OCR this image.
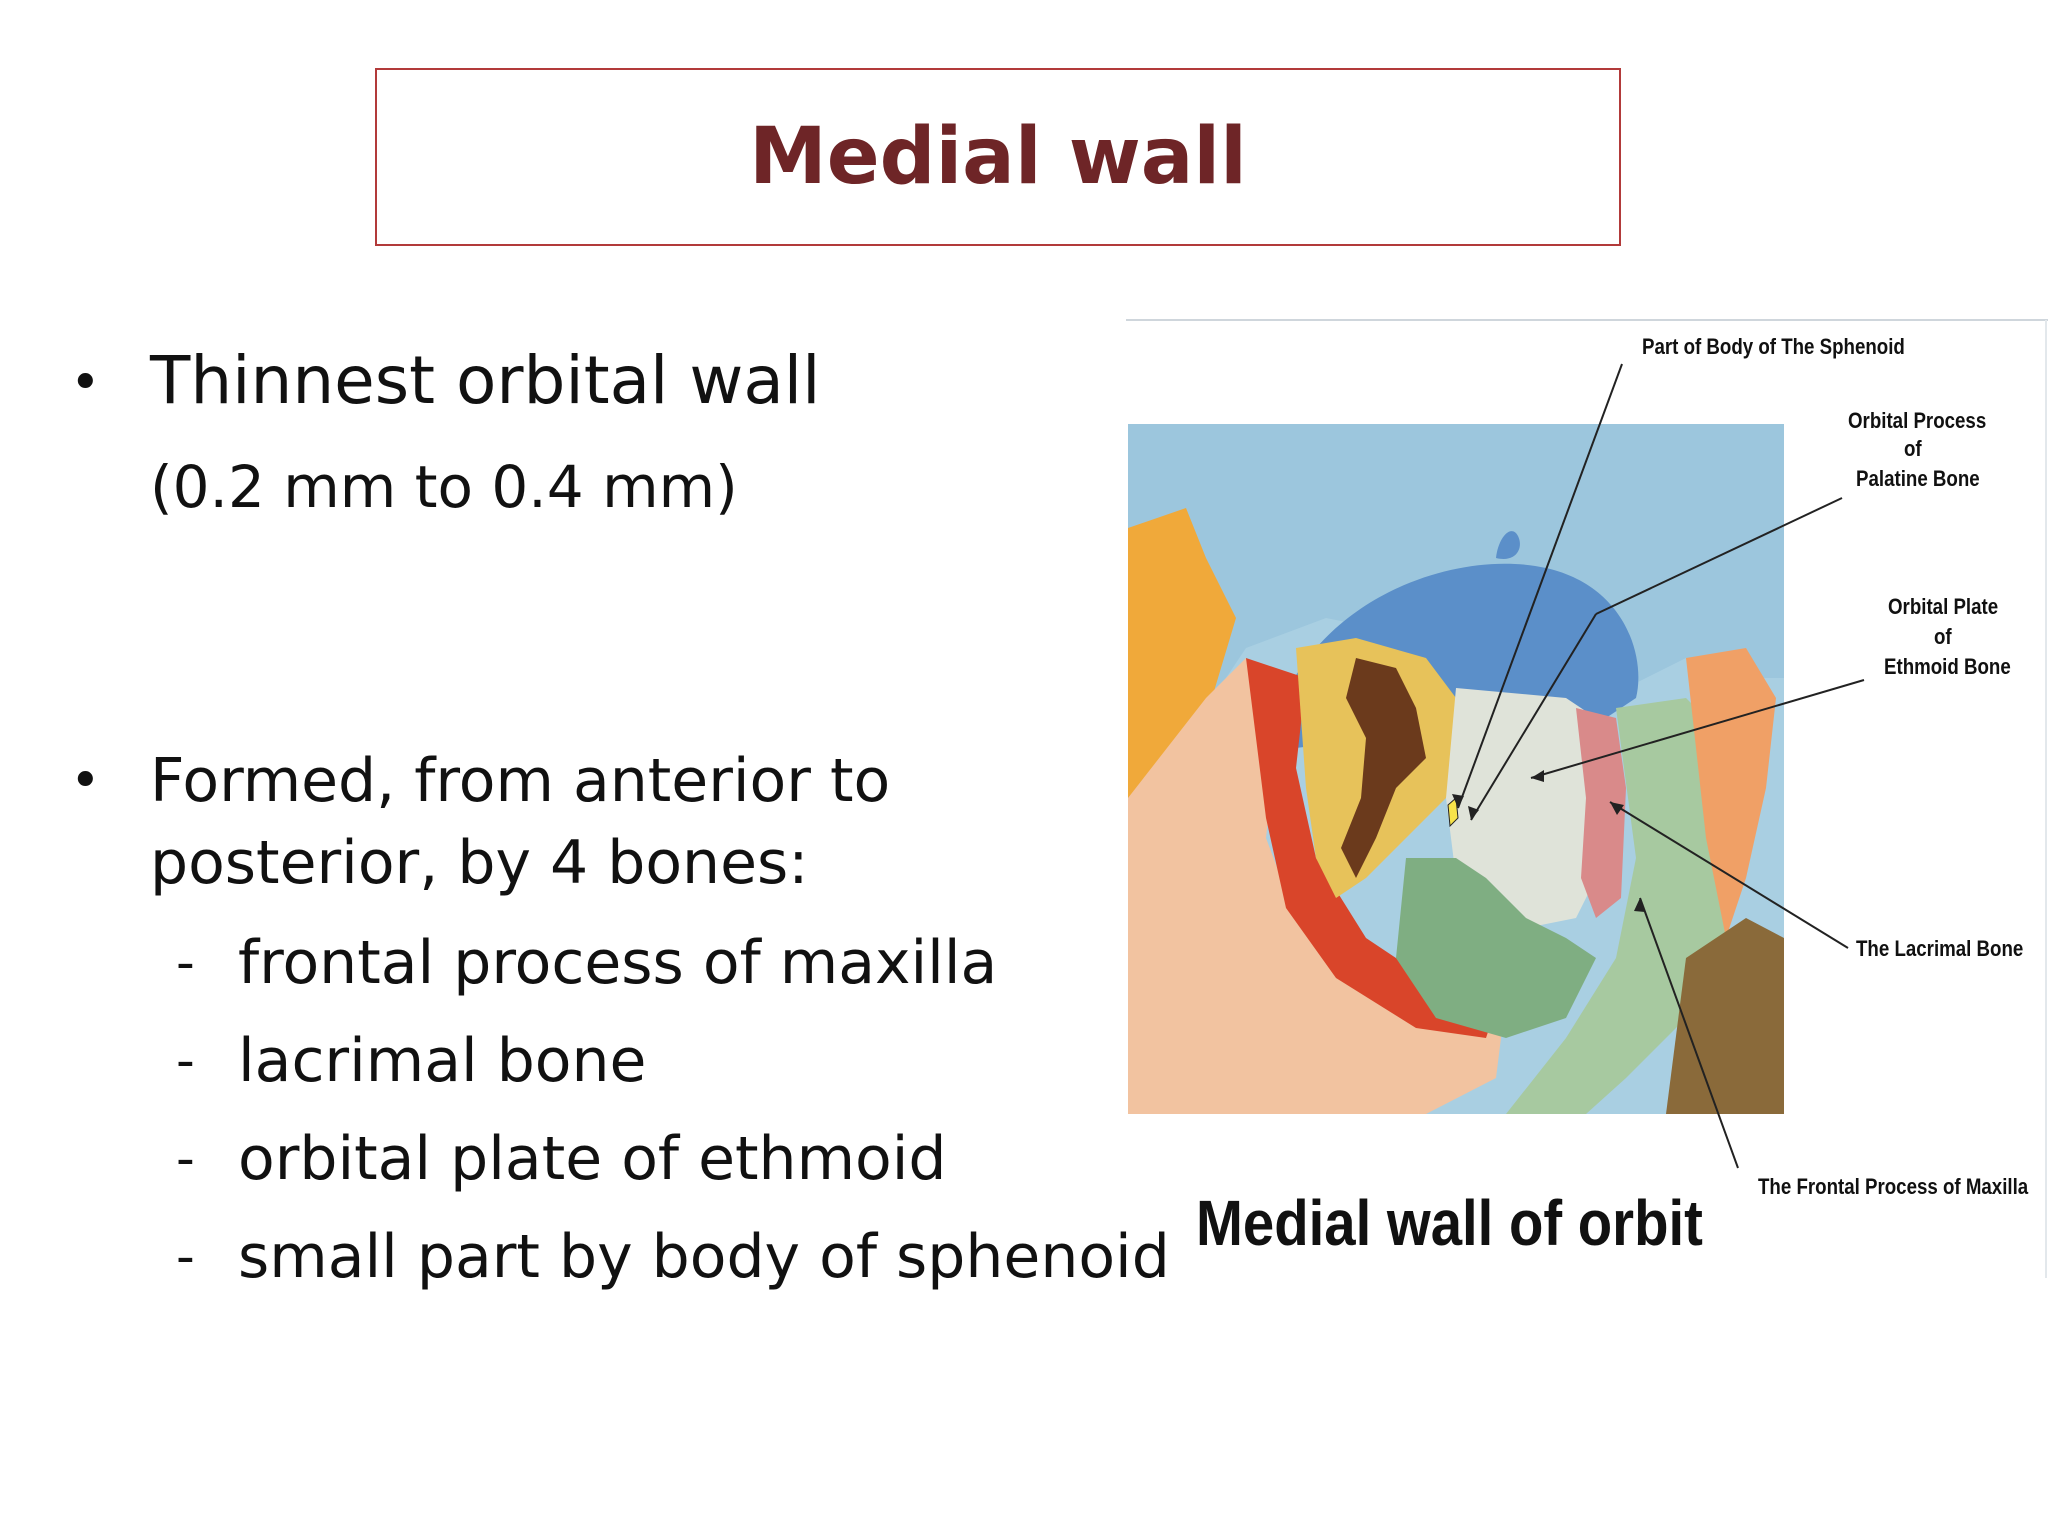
Medial wall
• Thinnest orbital wall
(0.2 mm to 0.4 mm)
• Formed, from anterior to
posterior, by 4 bones:
- frontal process of maxilla
- lacrimal bone
- orbital plate of ethmoid
- small part by body of sphenoid
Part of Body of The Sphenoid
Orbital Process
of
Palatine Bone
Orbital Plate
of
Ethmoid Bone
The Lacrimal Bone
The Frontal Process of Maxilla
Medial wall of orbit
